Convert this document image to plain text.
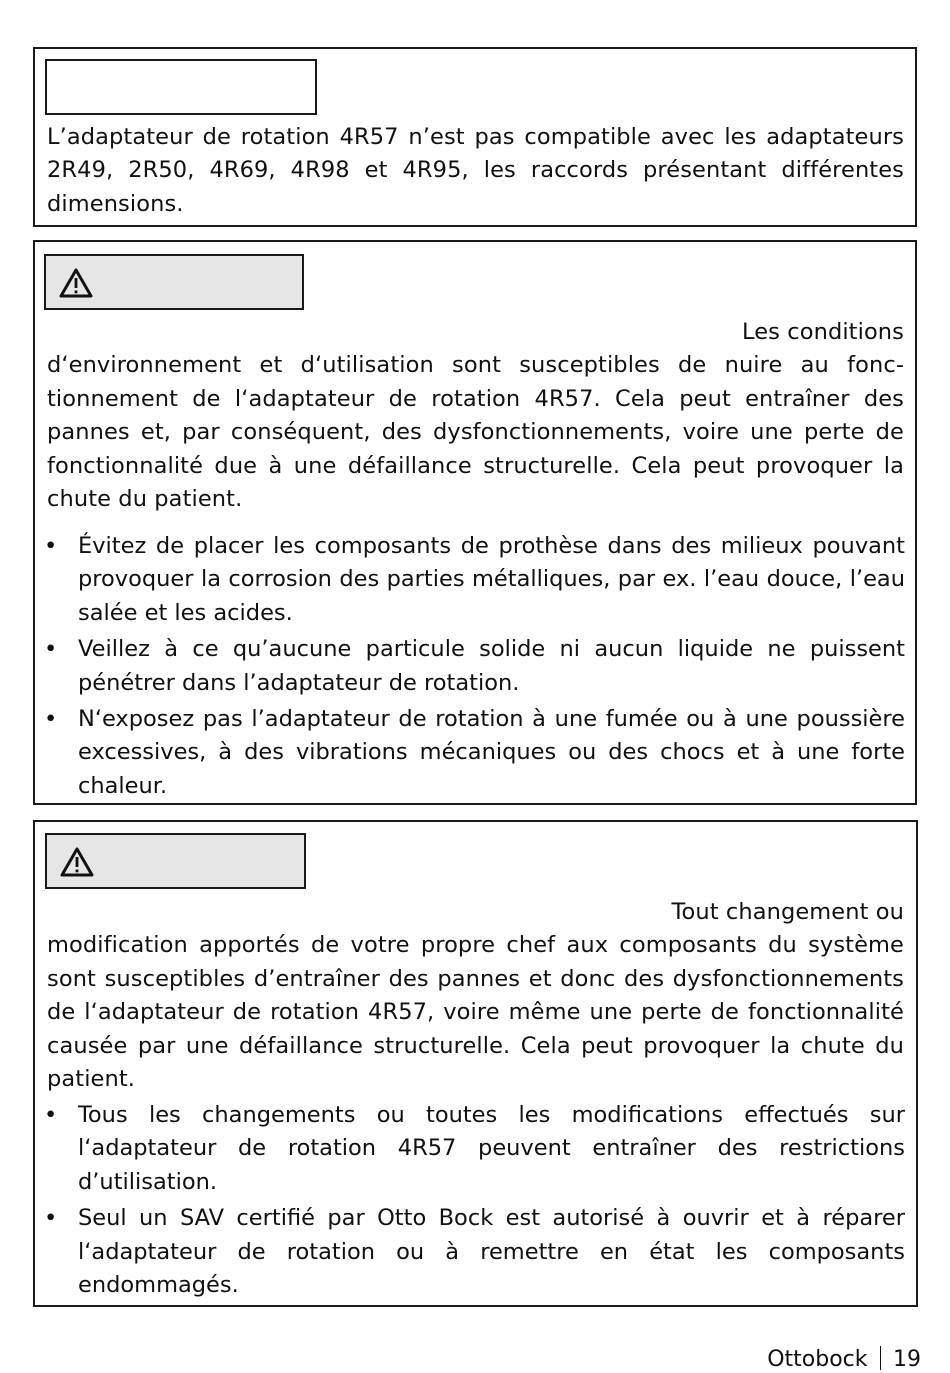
L’adaptateur de rotation 4R57 n’est pas compatible avec les adaptateurs 2R49, 2R50, 4R69, 4R98 et 4R95, les raccords présentant différentes dimensions.
Les conditions
d‘environnement et d‘utilisation sont susceptibles de nuire au fonctionnement de l‘adaptateur de rotation 4R57. Cela peut entraîner des pannes et, par conséquent, des dysfonctionnements, voire une perte de fonctionnalité due à une défaillance structurelle. Cela peut provoquer la chute du patient.
• Évitez de placer les composants de prothèse dans des milieux pouvant provoquer la corrosion des parties métalliques, par ex. l’eau douce, l’eau salée et les acides.
• Veillez à ce qu’aucune particule solide ni aucun liquide ne puissent pénétrer dans l’adaptateur de rotation.
• N‘exposez pas l’adaptateur de rotation à une fumée ou à une poussière excessives, à des vibrations mécaniques ou des chocs et à une forte chaleur.
Tout changement ou
modification apportés de votre propre chef aux composants du système sont susceptibles d’entraîner des pannes et donc des dysfonctionnements de l‘adaptateur de rotation 4R57, voire même une perte de fonctionnalité causée par une défaillance structurelle. Cela peut provoquer la chute du patient.
• Tous les changements ou toutes les modifications effectués sur l‘adaptateur de rotation 4R57 peuvent entraîner des restrictions d’utilisation.
• Seul un SAV certifié par Otto Bock est autorisé à ouvrir et à réparer l‘adaptateur de rotation ou à remettre en état les composants endommagés.
Ottobock 19
